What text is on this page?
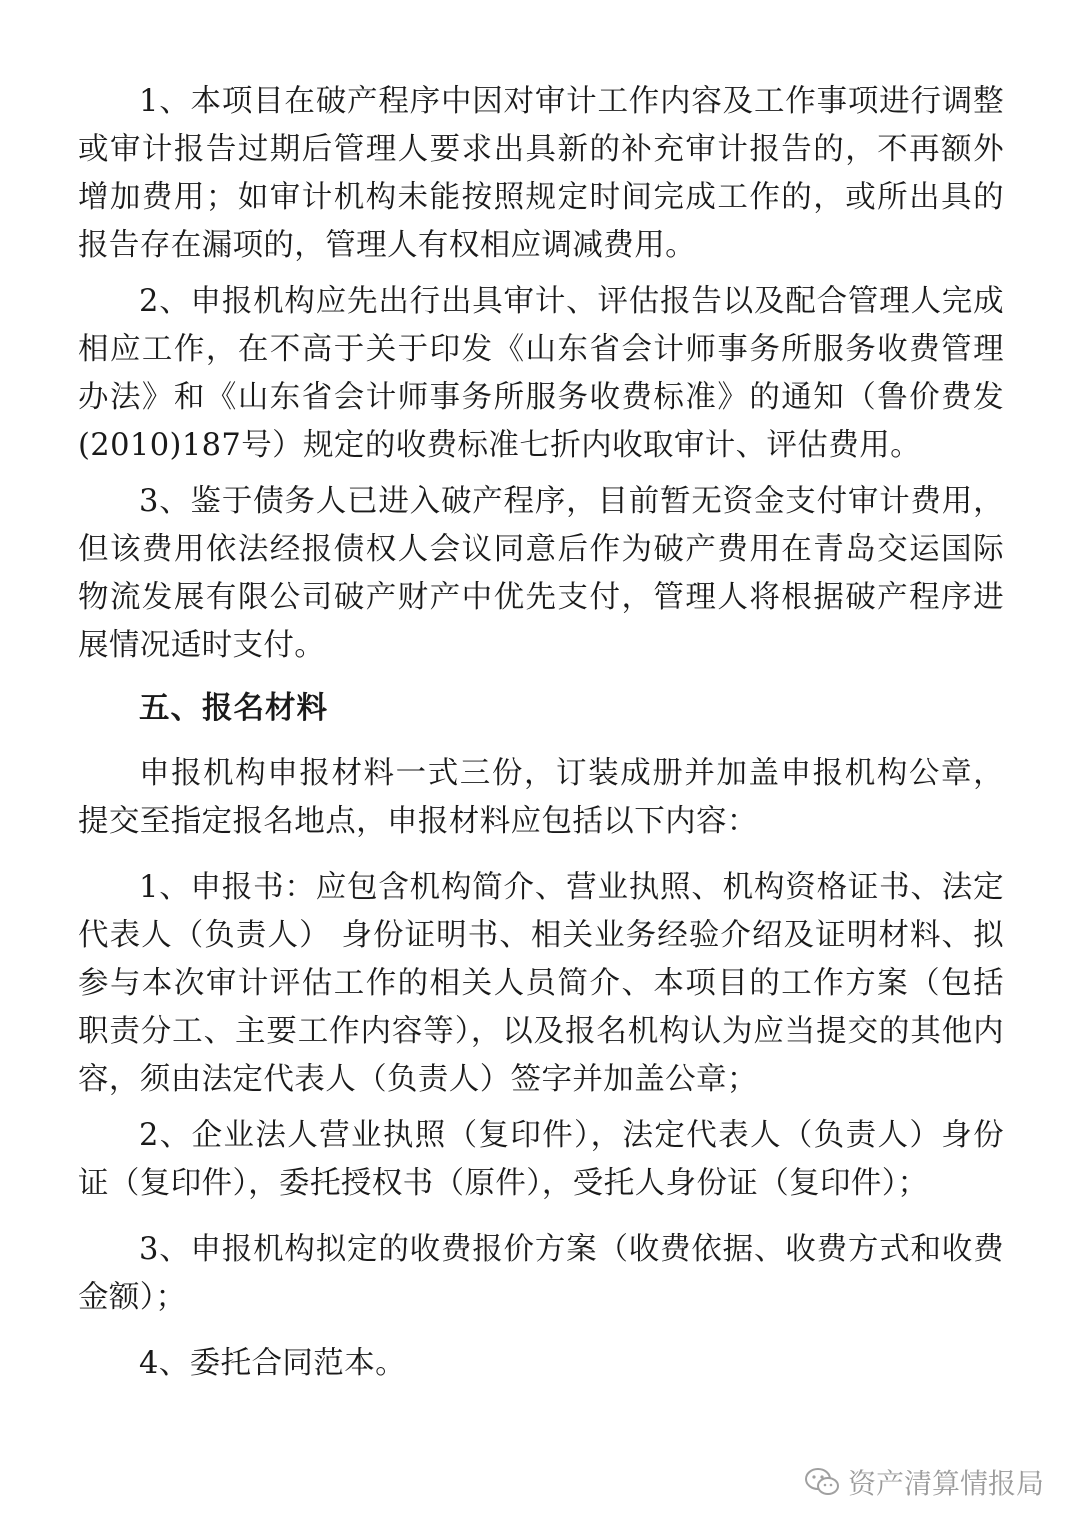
1、本项目在破产程序中因对审计工作内容及工作事项进行调整或审计报告过期后管理人要求出具新的补充审计报告的，不再额外增加费用；如审计机构未能按照规定时间完成工作的，或所出具的报告存在漏项的，管理人有权相应调减费用。

2、申报机构应先出行出具审计、评估报告以及配合管理人完成相应工作，在不高于关于印发《山东省会计师事务所服务收费管理办法》和《山东省会计师事务所服务收费标准》的通知（鲁价费发(2010)187号）规定的收费标准七折内收取审计、评估费用。

3、鉴于债务人已进入破产程序，目前暂无资金支付审计费用，但该费用依法经报债权人会议同意后作为破产费用在青岛交运国际物流发展有限公司破产财产中优先支付，管理人将根据破产程序进展情况适时支付。

五、报名材料

申报机构申报材料一式三份，订装成册并加盖申报机构公章，提交至指定报名地点，申报材料应包括以下内容：

1、申报书：应包含机构简介、营业执照、机构资格证书、法定代表人（负责人） 身份证明书、相关业务经验介绍及证明材料、拟参与本次审计评估工作的相关人员简介、本项目的工作方案（包括职责分工、主要工作内容等），以及报名机构认为应当提交的其他内容，须由法定代表人（负责人）签字并加盖公章；

2、企业法人营业执照（复印件），法定代表人（负责人）身份证（复印件），委托授权书（原件），受托人身份证（复印件）；

3、申报机构拟定的收费报价方案（收费依据、收费方式和收费金额）；

4、委托合同范本。

资产清算情报局
